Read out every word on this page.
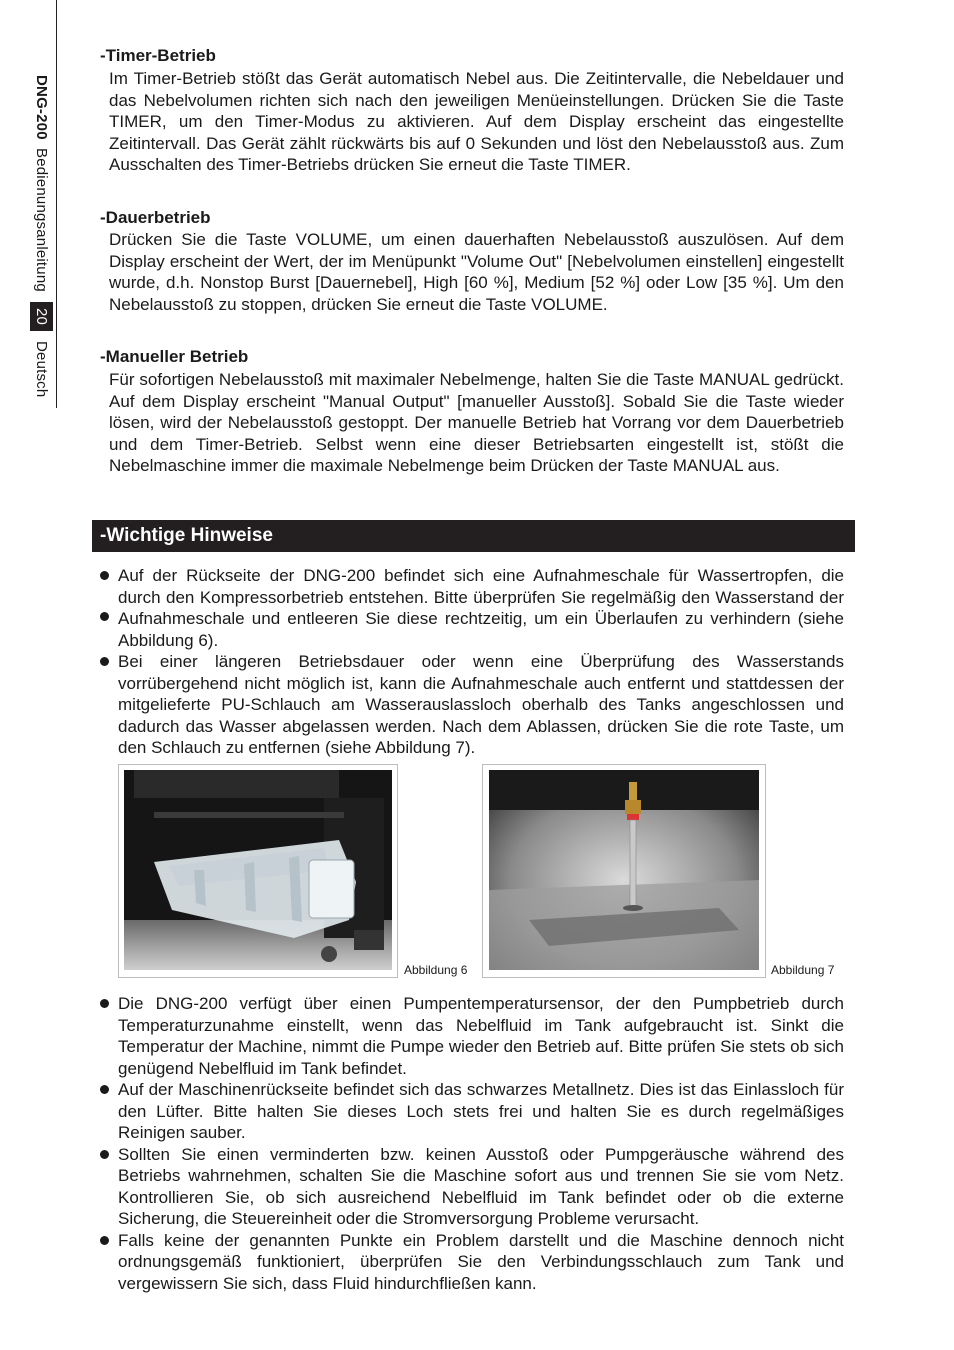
DNG-200
Bedienungsanleitung
20
Deutsch
-Timer-Betrieb
Im Timer-Betrieb stößt das Gerät automatisch Nebel aus. Die Zeitintervalle, die Nebeldauer und das Nebelvolumen richten sich nach den jeweiligen Menüeinstellungen. Drücken Sie die Taste TIMER, um den Timer-Modus zu aktivieren. Auf dem Display erscheint das eingestellte Zeitintervall. Das Gerät zählt rückwärts bis auf 0 Sekunden und löst den Nebelausstoß aus. Zum Ausschalten des Timer-Betriebs drücken Sie erneut die Taste TIMER.
-Dauerbetrieb
Drücken Sie die Taste VOLUME, um einen dauerhaften Nebelausstoß auszulösen. Auf dem Display erscheint der Wert, der im Menüpunkt "Volume Out" [Nebelvolumen einstellen] eingestellt wurde, d.h. Nonstop Burst [Dauernebel], High [60 %], Medium [52 %] oder Low [35 %]. Um den Nebelausstoß zu stoppen, drücken Sie erneut die Taste VOLUME.
-Manueller Betrieb
Für sofortigen Nebelausstoß mit maximaler Nebelmenge, halten Sie die Taste MANUAL gedrückt. Auf dem Display erscheint "Manual Output" [manueller Ausstoß]. Sobald Sie die Taste wieder lösen, wird der Nebelausstoß gestoppt. Der manuelle Betrieb hat Vorrang vor dem Dauerbetrieb und dem Timer-Betrieb. Selbst wenn eine dieser Betriebsarten eingestellt ist, stößt die Nebelmaschine immer die maximale Nebelmenge beim Drücken der Taste MANUAL aus.
-Wichtige Hinweise
Auf der Rückseite der DNG-200 befindet sich eine Aufnahmeschale für Wassertropfen, die durch den Kompressorbetrieb entstehen. Bitte überprüfen Sie regelmäßig den Wasserstand der Aufnahmeschale und entleeren Sie diese rechtzeitig, um ein Überlaufen zu verhindern (siehe Abbildung 6).
Bei einer längeren Betriebsdauer oder wenn eine Überprüfung des Wasserstands vorrübergehend nicht möglich ist, kann die Aufnahmeschale auch entfernt und stattdessen der mitgelieferte PU-Schlauch am Wasserauslassloch oberhalb des Tanks angeschlossen und dadurch das Wasser abgelassen werden. Nach dem Ablassen, drücken Sie die rote Taste, um den Schlauch zu entfernen (siehe Abbildung 7).
Abbildung 6	Abbildung 7
Die DNG-200 verfügt über einen Pumpentemperatursensor, der den Pumpbetrieb durch Temperaturzunahme einstellt, wenn das Nebelfluid im Tank aufgebraucht ist. Sinkt die Temperatur der Machine, nimmt die Pumpe wieder den Betrieb auf. Bitte prüfen Sie stets ob sich genügend Nebelfluid im Tank befindet.
Auf der Maschinenrückseite befindet sich das schwarzes Metallnetz. Dies ist das Einlassloch für den Lüfter. Bitte halten Sie dieses Loch stets frei und halten Sie es durch regelmäßiges Reinigen sauber.
Sollten Sie einen verminderten bzw. keinen Ausstoß oder Pumpgeräusche während des Betriebs wahrnehmen, schalten Sie die Maschine sofort aus und trennen Sie sie vom Netz. Kontrollieren Sie, ob sich ausreichend Nebelfluid im Tank befindet oder ob die externe Sicherung, die Steuereinheit oder die Stromversorgung Probleme verursacht.
Falls keine der genannten Punkte ein Problem darstellt und die Maschine dennoch nicht ordnungsgemäß funktioniert, überprüfen Sie den Verbindungsschlauch zum Tank und vergewissern Sie sich, dass Fluid hindurchfließen kann.
